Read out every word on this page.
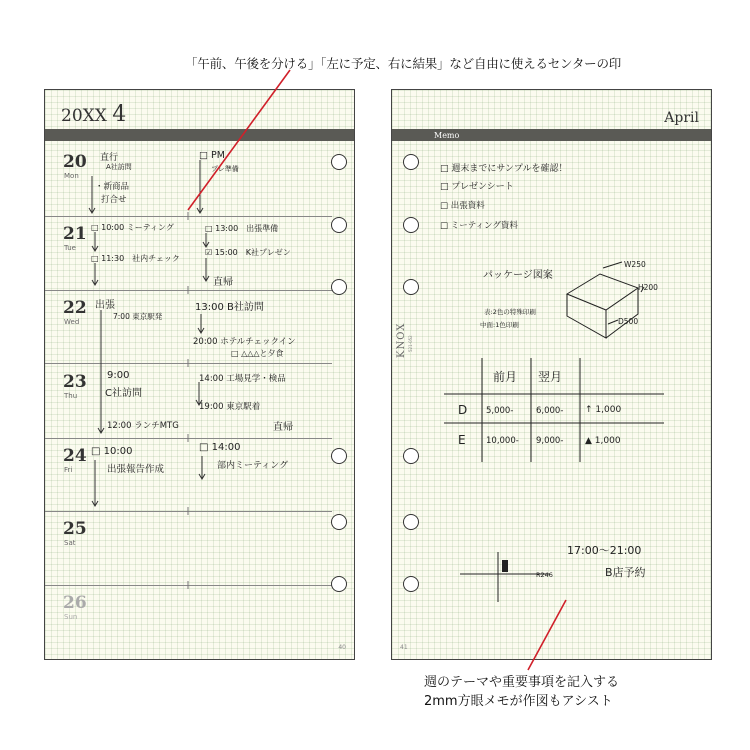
「午前、午後を分ける」「左に予定、右に結果」など自由に使えるセンターの印
週のテーマや重要事項を記入する
2mm方眼メモが作図もアシスト
20XX 4
20
Mon
21
Tue
22
Wed
23
Thu
24
Fri
25
Sat
26
Sun
直行
A社訪問
・新商品
打合せ
□ PM
プレ準備
□ 10:00 ミーティング
□ 11:30　社内チェック
□ 13:00　出張準備
☑ 15:00　K社プレゼン
直帰
出張
7:00 東京駅発
13:00 B社訪問
20:00 ホテルチェックイン
□ △△△と夕食
9:00
C社訪問
12:00 ランチMTG
14:00 工場見学・検品
19:00 東京駅着
直帰
□ 10:00
出張報告作成
□ 14:00
部内ミーティング
40
April
Memo
KNOX 521-052
□ 週末までにサンプルを確認！
□ プレゼンシート
□ 出張資料
□ ミーティング資料
パッケージ図案
W250
H200
D500
表:2色の特殊印刷
中面:1色印刷
前月 翌月
D 5,000-	6,000- ↑ 1,000
E 10,000- 9,000- ▲ 1,000
17:00〜21:00
B店予約
R246
41
